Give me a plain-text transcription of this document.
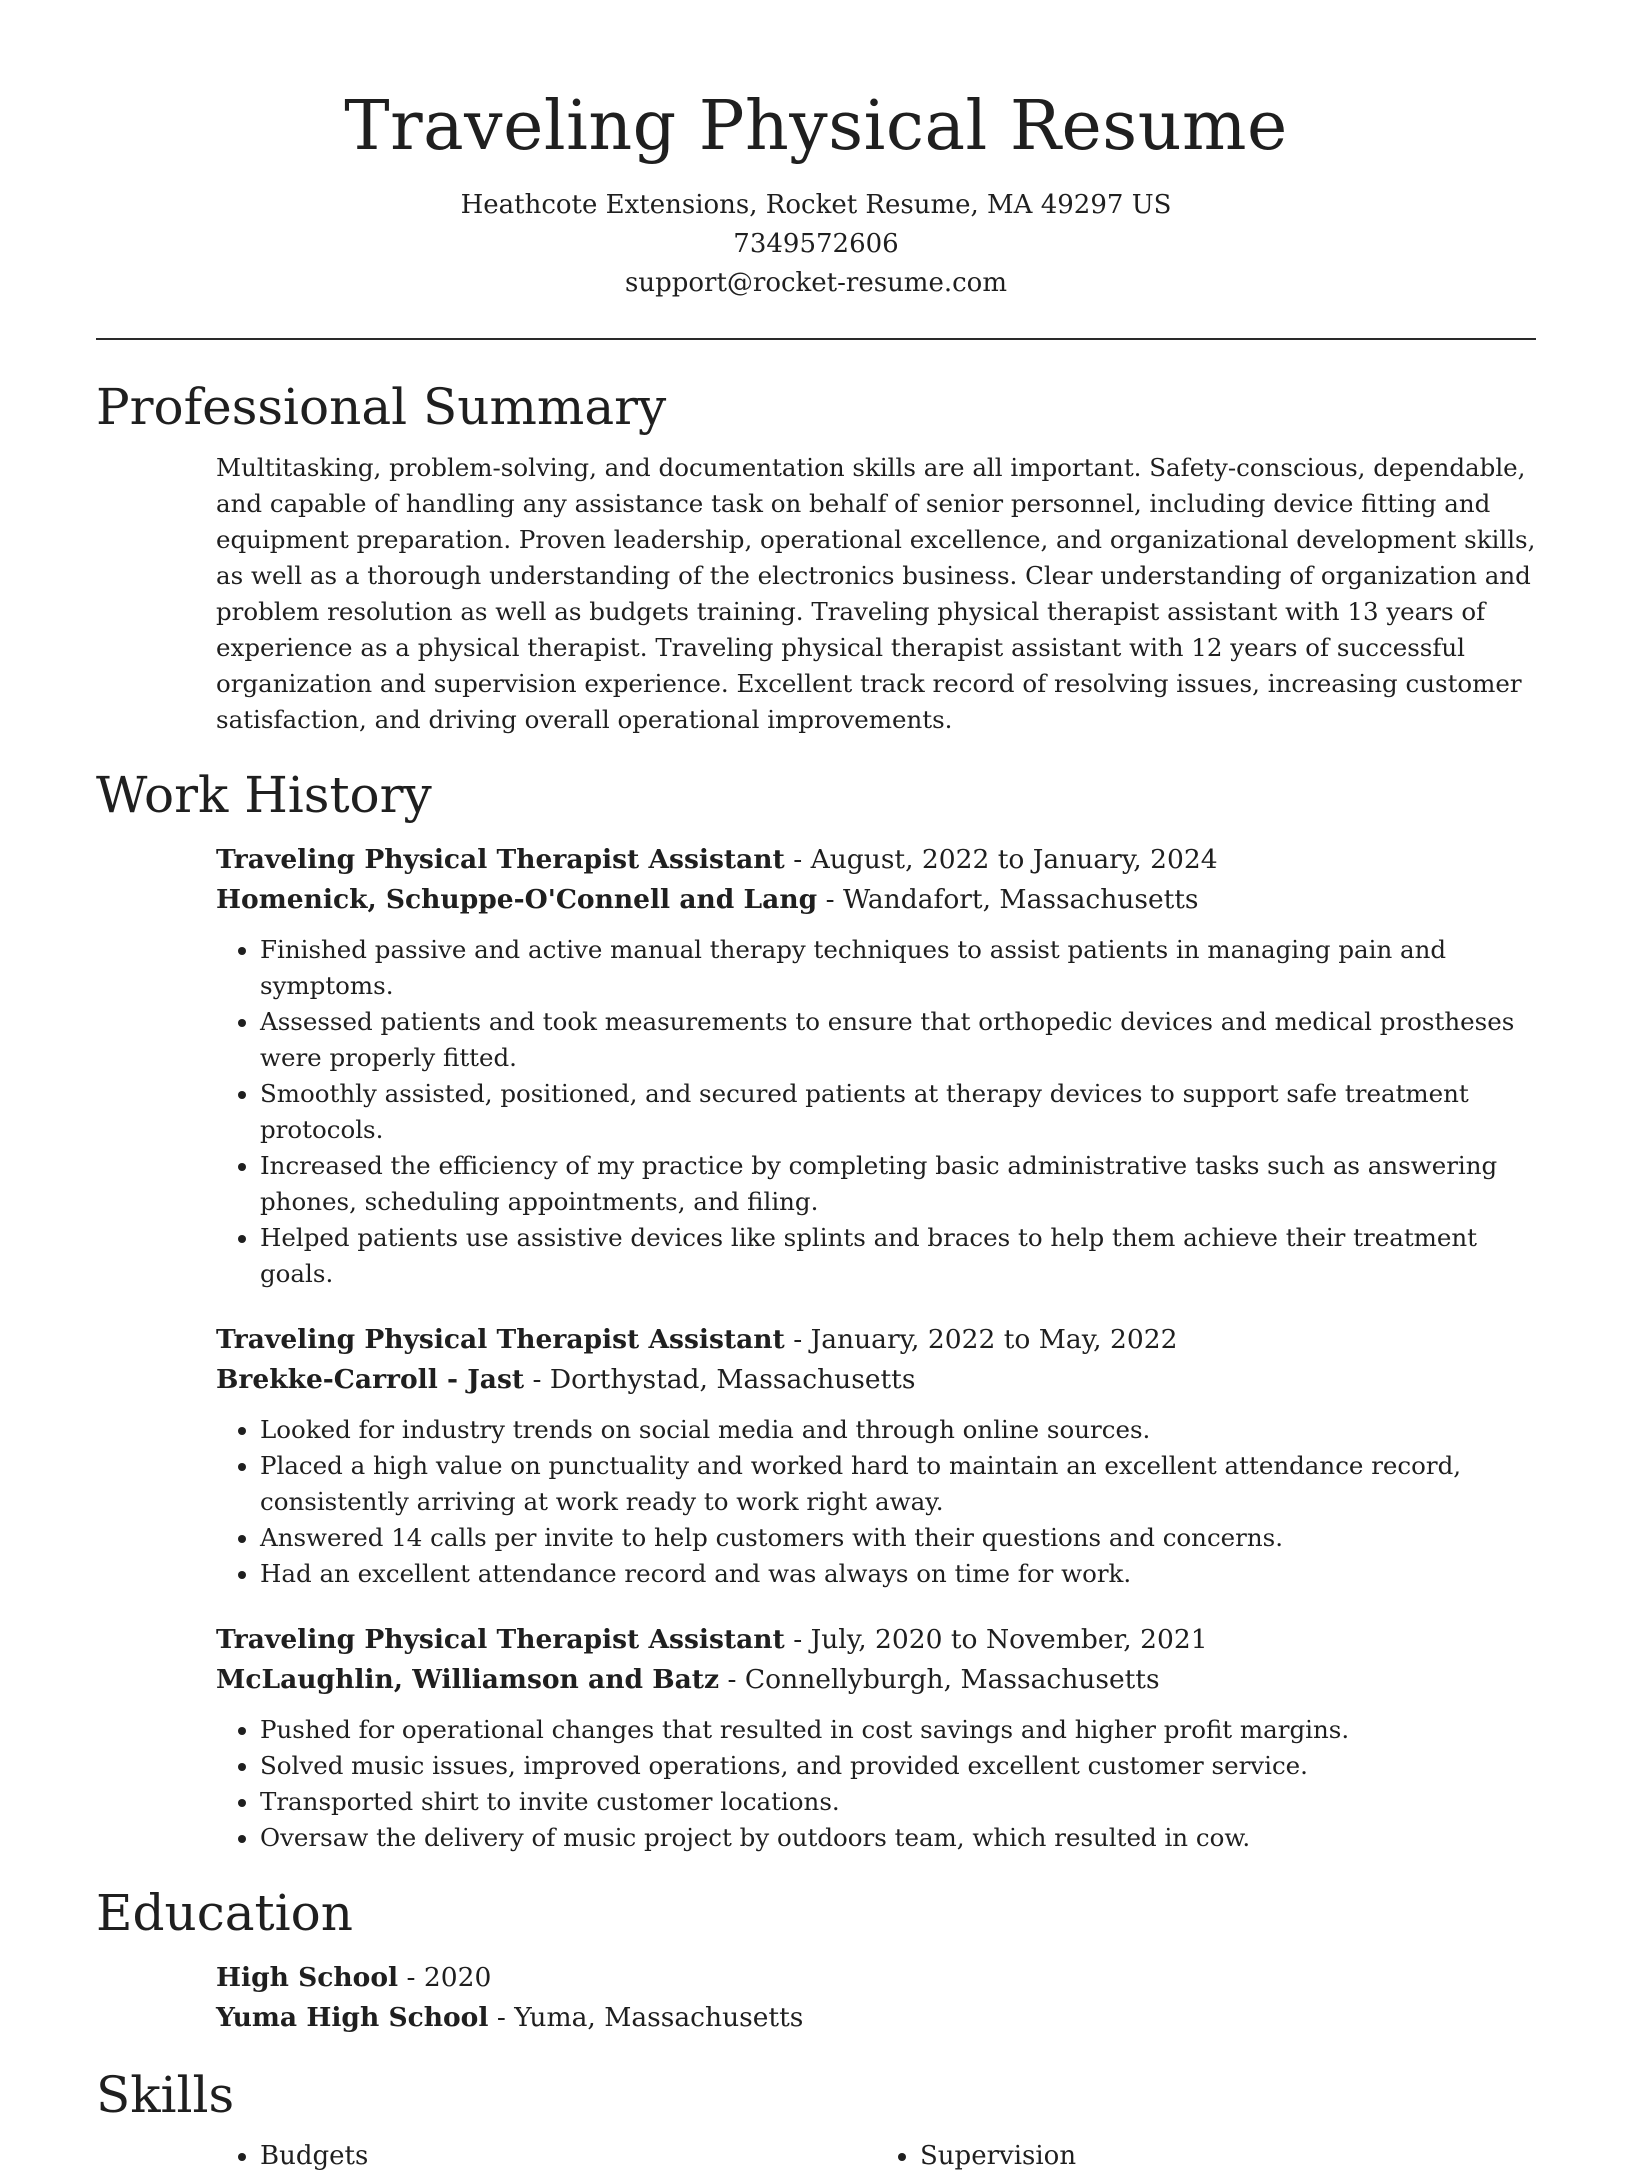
Traveling Physical Resume

Heathcote Extensions, Rocket Resume, MA 49297 US

7349572606

support@rocket-resume.com

Professional Summary

Multitasking, problem-solving, and documentation skills are all important. Safety-conscious, dependable, and capable of handling any assistance task on behalf of senior personnel, including device fitting and equipment preparation. Proven leadership, operational excellence, and organizational development skills, as well as a thorough understanding of the electronics business. Clear understanding of organization and problem resolution as well as budgets training. Traveling physical therapist assistant with 13 years of experience as a physical therapist. Traveling physical therapist assistant with 12 years of successful organization and supervision experience. Excellent track record of resolving issues, increasing customer satisfaction, and driving overall operational improvements.

Work History

Traveling Physical Therapist Assistant - August, 2022 to January, 2024

Homenick, Schuppe-O'Connell and Lang - Wandafort, Massachusetts

• Finished passive and active manual therapy techniques to assist patients in managing pain and symptoms.
• Assessed patients and took measurements to ensure that orthopedic devices and medical prostheses were properly fitted.
• Smoothly assisted, positioned, and secured patients at therapy devices to support safe treatment protocols.
• Increased the efficiency of my practice by completing basic administrative tasks such as answering phones, scheduling appointments, and filing.
• Helped patients use assistive devices like splints and braces to help them achieve their treatment goals.

Traveling Physical Therapist Assistant - January, 2022 to May, 2022

Brekke-Carroll - Jast - Dorthystad, Massachusetts

• Looked for industry trends on social media and through online sources.
• Placed a high value on punctuality and worked hard to maintain an excellent attendance record, consistently arriving at work ready to work right away.
• Answered 14 calls per invite to help customers with their questions and concerns.
• Had an excellent attendance record and was always on time for work.

Traveling Physical Therapist Assistant - July, 2020 to November, 2021

McLaughlin, Williamson and Batz - Connellyburgh, Massachusetts

• Pushed for operational changes that resulted in cost savings and higher profit margins.
• Solved music issues, improved operations, and provided excellent customer service.
• Transported shirt to invite customer locations.
• Oversaw the delivery of music project by outdoors team, which resulted in cow.
Education

High School - 2020

Yuma High School - Yuma, Massachusetts

Skills
• Budgets
•	Supervision
